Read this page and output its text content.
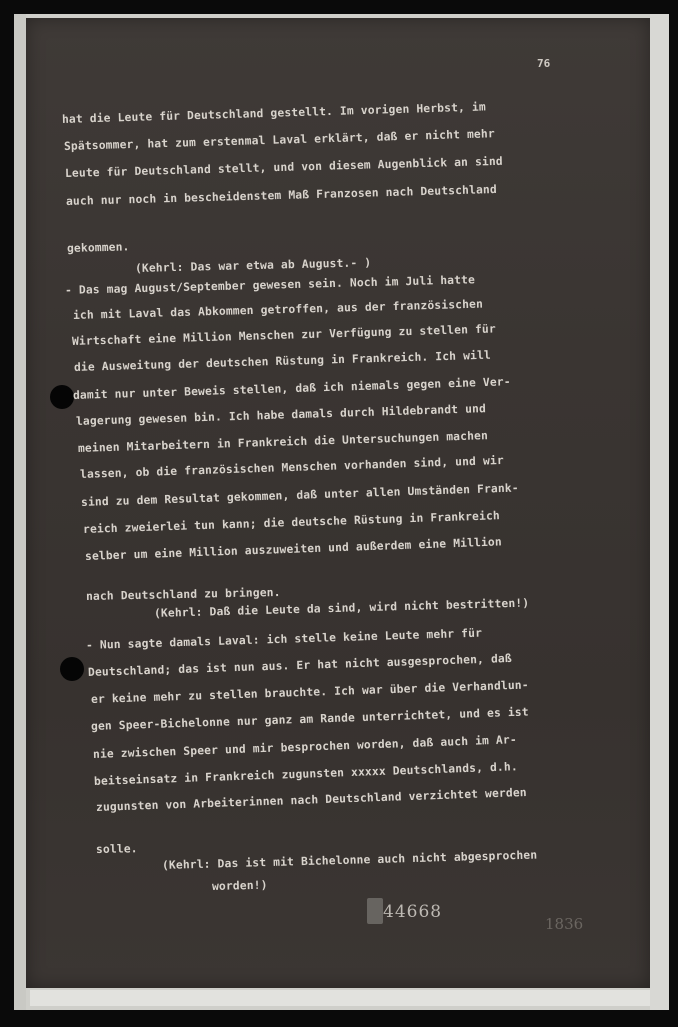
76
hat die Leute für Deutschland gestellt. Im vorigen Herbst, im
Spätsommer, hat zum erstenmal Laval erklärt, daß er nicht mehr
Leute für Deutschland stellt, und von diesem Augenblick an sind
auch nur noch in bescheidenstem Maß Franzosen nach Deutschland
gekommen.
(Kehrl: Das war etwa ab August.- )
- Das mag August/September gewesen sein. Noch im Juli hatte
ich mit Laval das Abkommen getroffen, aus der französischen
Wirtschaft eine Million Menschen zur Verfügung zu stellen für
die Ausweitung der deutschen Rüstung in Frankreich. Ich will
damit nur unter Beweis stellen, daß ich niemals gegen eine Ver-
lagerung gewesen bin. Ich habe damals durch Hildebrandt und
meinen Mitarbeitern in Frankreich die Untersuchungen machen
lassen, ob die französischen Menschen vorhanden sind, und wir
sind zu dem Resultat gekommen, daß unter allen Umständen Frank-
reich zweierlei tun kann; die deutsche Rüstung in Frankreich
selber um eine Million auszuweiten und außerdem eine Million
nach Deutschland zu bringen.
(Kehrl: Daß die Leute da sind, wird nicht bestritten!)
- Nun sagte damals Laval: ich stelle keine Leute mehr für
Deutschland; das ist nun aus. Er hat nicht ausgesprochen, daß
er keine mehr zu stellen brauchte. Ich war über die Verhandlun-
gen Speer-Bichelonne nur ganz am Rande unterrichtet, und es ist
nie zwischen Speer und mir besprochen worden, daß auch im Ar-
beitseinsatz in Frankreich zugunsten xxxxx Deutschlands, d.h.
zugunsten von Arbeiterinnen nach Deutschland verzichtet werden
solle. (Kehrl: Das ist mit Bichelonne auch nicht abgesprochen
worden!)
44668
1836
